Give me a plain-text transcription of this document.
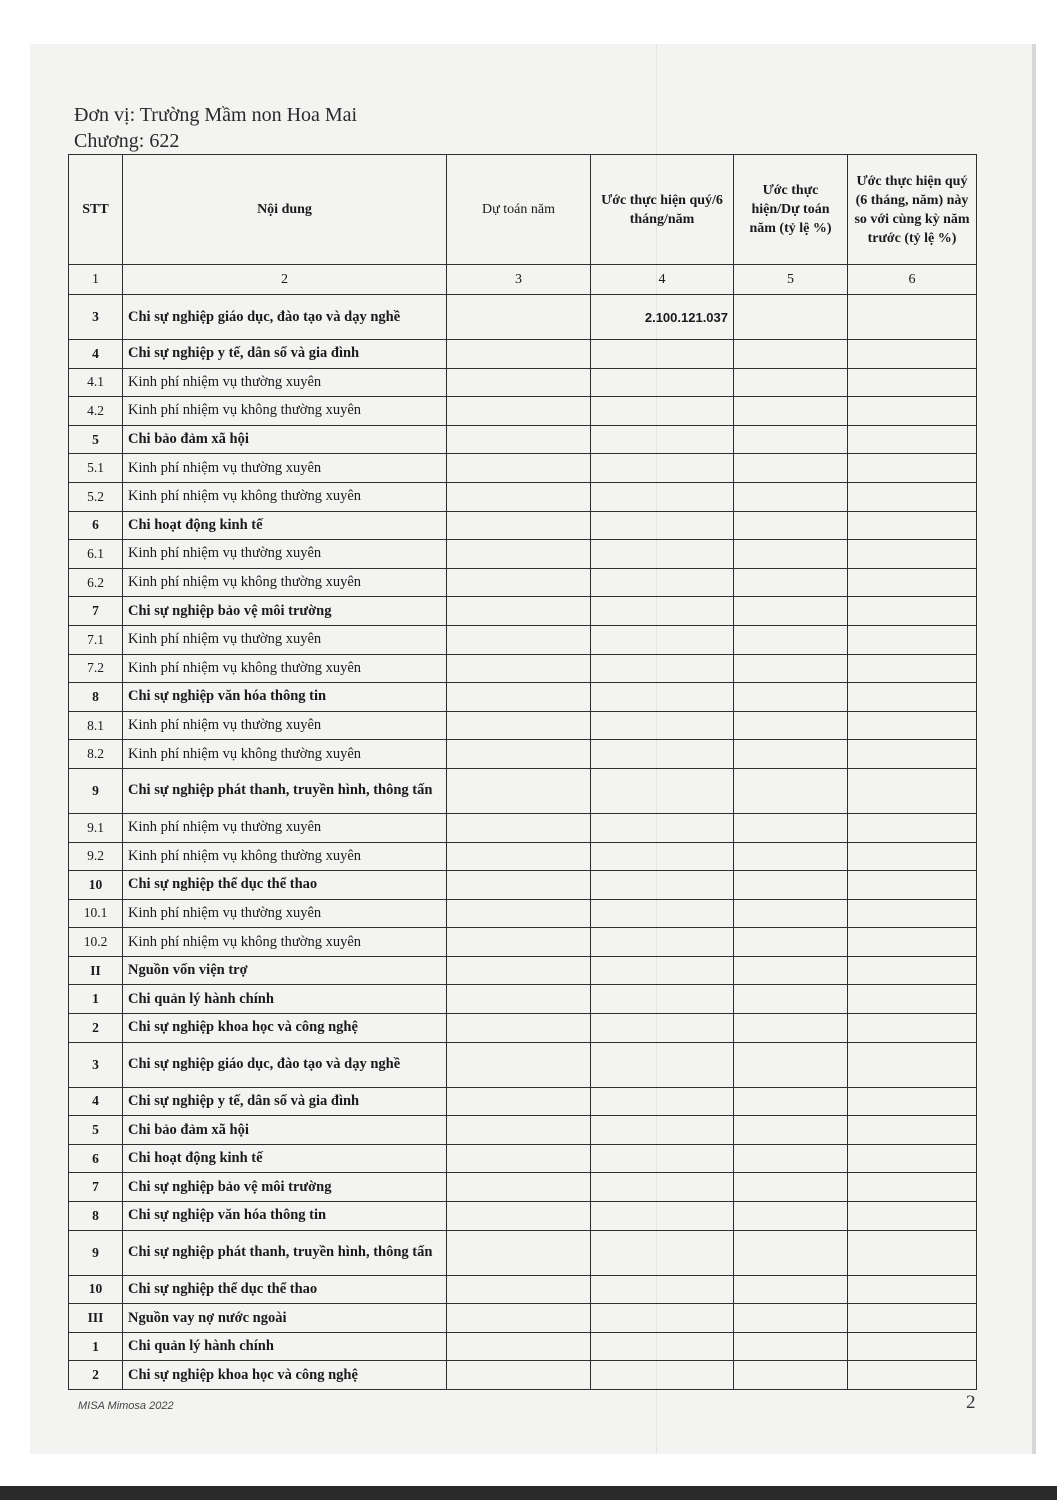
Đơn vị: Trường Mầm non Hoa Mai
Chương: 622
STT	Nội dung	Dự toán năm	Ước thực hiện quý/6 tháng/năm	Ước thực hiện/Dự toán năm (tỷ lệ %)	Ước thực hiện quý (6 tháng, năm) này so với cùng kỳ năm trước (tỷ lệ %)
1	2	3	4	5	6
3	Chi sự nghiệp giáo dục, đào tạo và dạy nghề		2.100.121.037		
4	Chi sự nghiệp y tế, dân số và gia đình				
4.1	Kinh phí nhiệm vụ thường xuyên				
4.2	Kinh phí nhiệm vụ không thường xuyên				
5	Chi bảo đảm xã hội				
5.1	Kinh phí nhiệm vụ thường xuyên				
5.2	Kinh phí nhiệm vụ không thường xuyên				
6	Chi hoạt động kinh tế				
6.1	Kinh phí nhiệm vụ thường xuyên				
6.2	Kinh phí nhiệm vụ không thường xuyên				
7	Chi sự nghiệp bảo vệ môi trường				
7.1	Kinh phí nhiệm vụ thường xuyên				
7.2	Kinh phí nhiệm vụ không thường xuyên				
8	Chi sự nghiệp văn hóa thông tin				
8.1	Kinh phí nhiệm vụ thường xuyên				
8.2	Kinh phí nhiệm vụ không thường xuyên				
9	Chi sự nghiệp phát thanh, truyền hình, thông tấn				
9.1	Kinh phí nhiệm vụ thường xuyên				
9.2	Kinh phí nhiệm vụ không thường xuyên				
10	Chi sự nghiệp thể dục thể thao				
10.1	Kinh phí nhiệm vụ thường xuyên				
10.2	Kinh phí nhiệm vụ không thường xuyên				
II	Nguồn vốn viện trợ				
1	Chi quản lý hành chính				
2	Chi sự nghiệp khoa học và công nghệ				
3	Chi sự nghiệp giáo dục, đào tạo và dạy nghề				
4	Chi sự nghiệp y tế, dân số và gia đình				
5	Chi bảo đảm xã hội				
6	Chi hoạt động kinh tế				
7	Chi sự nghiệp bảo vệ môi trường				
8	Chi sự nghiệp văn hóa thông tin				
9	Chi sự nghiệp phát thanh, truyền hình, thông tấn				
10	Chi sự nghiệp thể dục thể thao				
III	Nguồn vay nợ nước ngoài				
1	Chi quản lý hành chính				
2	Chi sự nghiệp khoa học và công nghệ				
MISA Mimosa 2022	2
